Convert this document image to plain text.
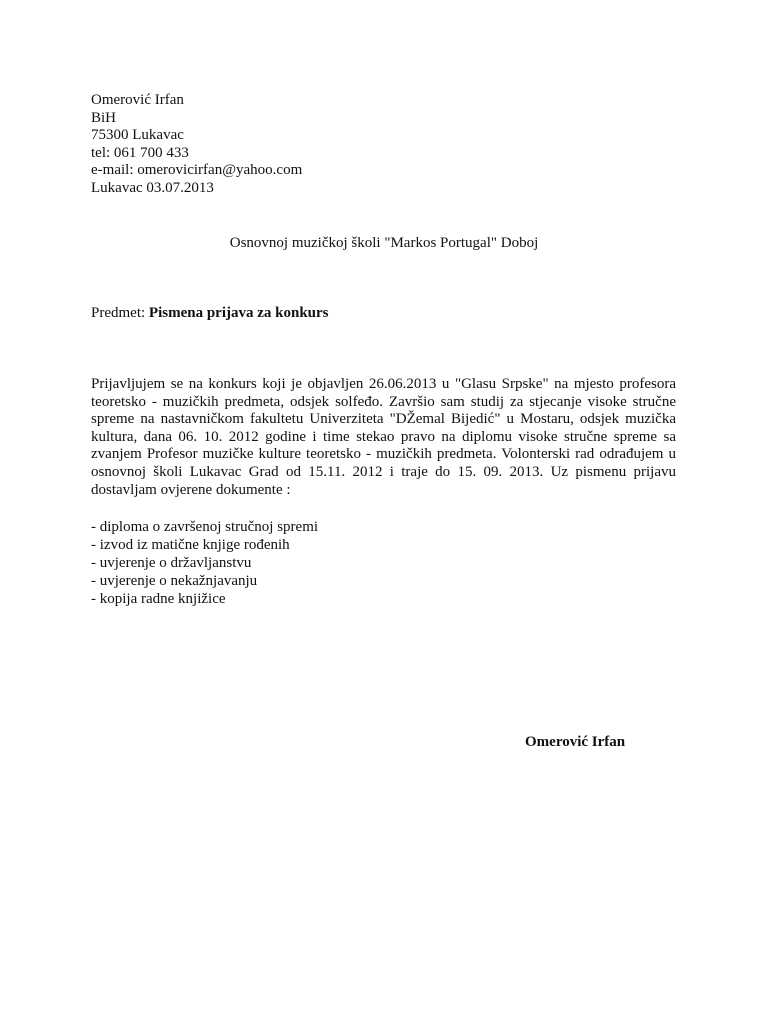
Omerović Irfan
BiH
75300 Lukavac
tel: 061 700 433
e-mail: omerovicirfan@yahoo.com
Lukavac 03.07.2013
Osnovnoj muzičkoj školi "Markos Portugal" Doboj
Predmet: Pismena prijava za konkurs
Prijavljujem se na konkurs koji je objavljen 26.06.2013 u "Glasu Srpske" na mjesto profesora teoretsko - muzičkih predmeta, odsjek solfeđo. Završio sam studij za stjecanje visoke stručne spreme na nastavničkom fakultetu Univerziteta "DŽemal Bijedić" u Mostaru, odsjek muzička kultura, dana 06. 10. 2012 godine i time stekao pravo na diplomu visoke stručne spreme sa zvanjem Profesor muzičke kulture teoretsko - muzičkih predmeta. Volonterski rad odrađujem u osnovnoj školi Lukavac Grad od 15.11. 2012 i traje do 15. 09. 2013. Uz pismenu prijavu dostavljam ovjerene dokumente :
- diploma o završenoj stručnoj spremi
- izvod iz matične knjige rođenih
- uvjerenje o državljanstvu
- uvjerenje o nekažnjavanju
- kopija radne knjižice
Omerović Irfan
